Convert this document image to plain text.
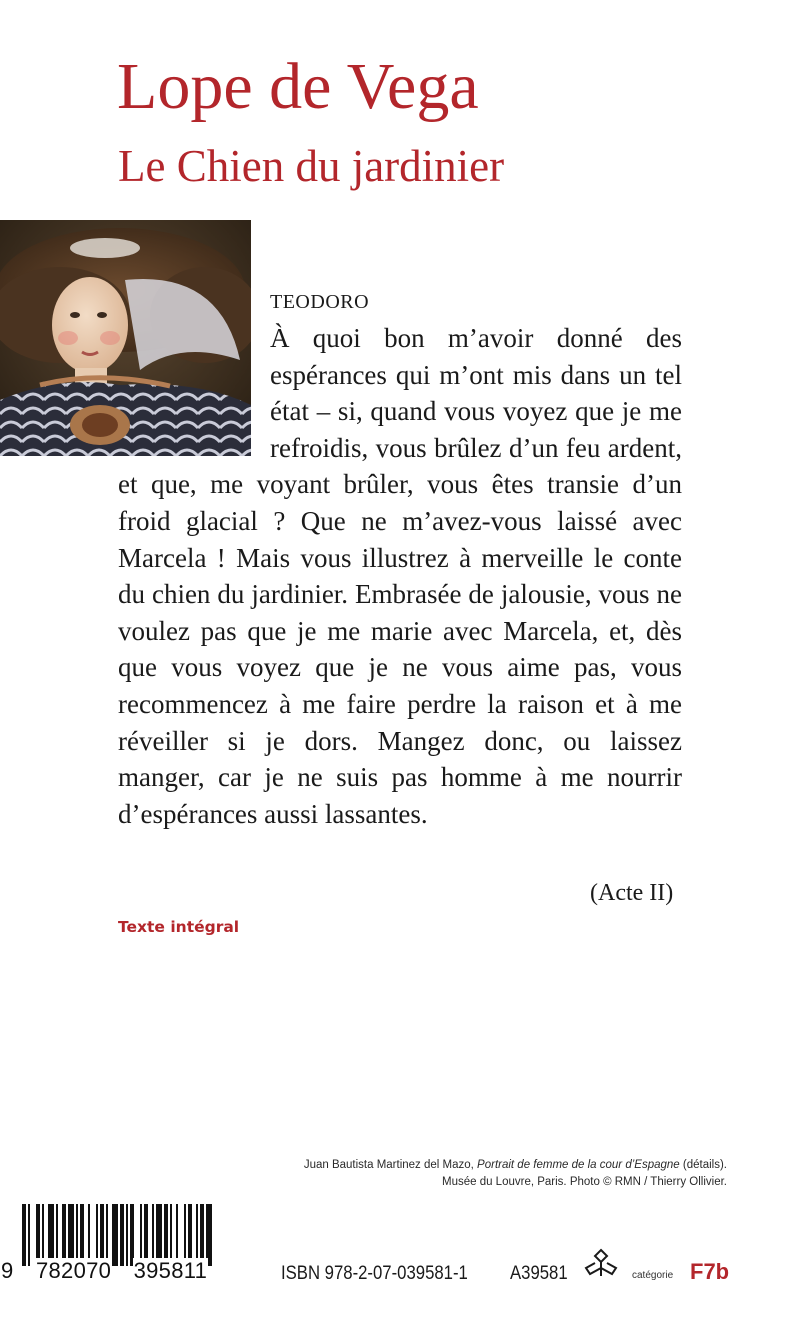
Lope de Vega
Le Chien du jardinier
TEODORO
À quoi bon m’avoir donné des espérances qui m’ont mis dans un tel état – si, quand vous voyez que je me refroidis, vous brûlez d’un feu ardent, et que, me voyant brûler, vous êtes transie d’un froid glacial ? Que ne m’avez-vous laissé avec Marcela ! Mais vous illustrez à merveille le conte du chien du jardinier. Embrasée de jalousie, vous ne voulez pas que je me marie avec Marcela, et, dès que vous voyez que je ne vous aime pas, vous recommencez à me faire perdre la raison et à me réveiller si je dors. Mangez donc, ou laissez manger, car je ne suis pas homme à me nourrir d’espérances aussi lassantes.
(Acte II)
Texte intégral
Juan Bautista Martinez del Mazo, Portrait de femme de la cour d’Espagne (détails).
Musée du Louvre, Paris. Photo © RMN / Thierry Ollivier.
9 782070 395811	ISBN 978-2-07-039581-1 A39581	catégorie F7b
